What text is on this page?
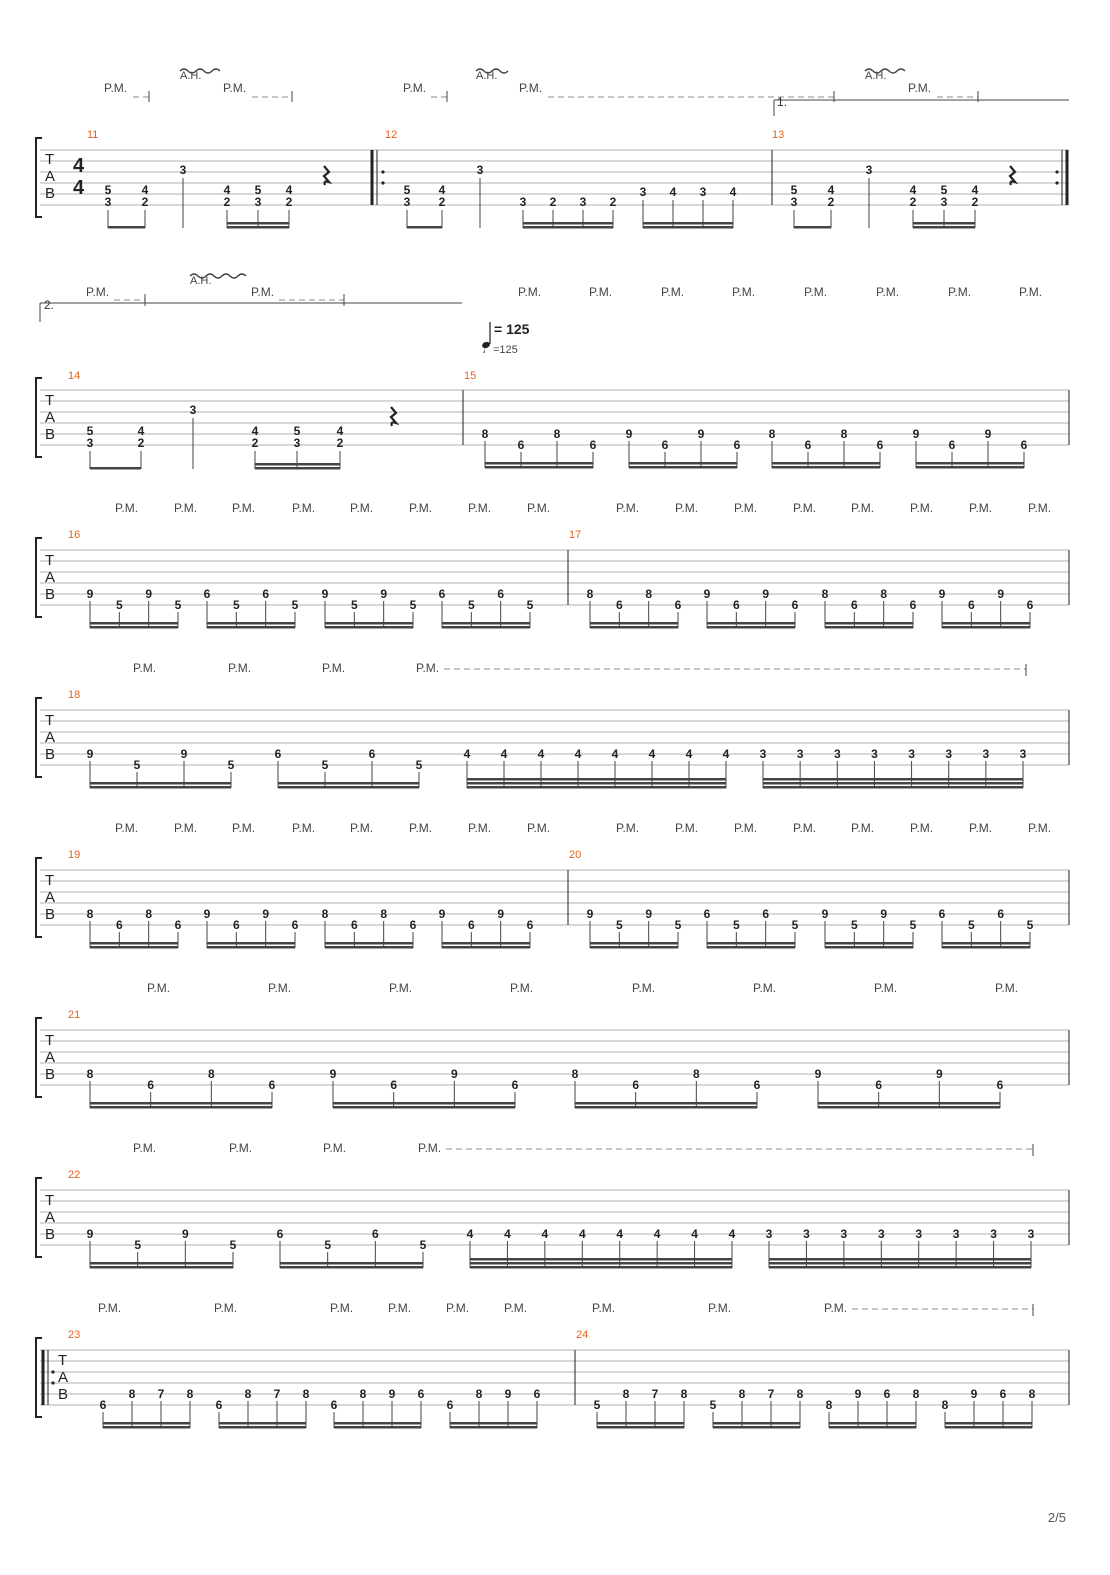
P.M.	P.M.	P.M.	P.M.	P.M.
A.H.	A.H.	A.H.
1.
T
A
B
4
4
11	12	13
5
3
4
2
3
4
2
5
3
4
2
5
3
4
2
3
3 2 3 2
3 4 3 4	5
3
4
2
3
4
2
5
3
4
2
2.
P.M.	P.M.	P.M.	P.M.	P.M.	P.M.	P.M.	P.M.	P.M.	P.M.
A.H.
= 125
♩=125
T
A
B
14	15
5
3
4
2
3
4
2
5
3
4
2
8
6
8
6
9
6
9
6
8
6
8
6
9
6
9
6
P.M.	P.M.	P.M.	P.M.	P.M.	P.M.	P.M.	P.M.	P.M.	P.M.	P.M.	P.M.	P.M.	P.M.	P.M.	P.M.
T
A
B
16	17
9
5
9
5
6
5
6
5
9
5
9
5
6
5
6
5
8
6
8
6
9
6
9
6
8
6
8
6
9
6
9
6
P.M.	P.M.	P.M.	P.M.
T
A
B
18
9
5
9
5
6
5
6
5
4	4	4	4	4	4	4	4	3	3	3	3	3	3	3	3
P.M.	P.M.	P.M.	P.M.	P.M.	P.M.	P.M.	P.M.	P.M.	P.M.	P.M.	P.M.	P.M.	P.M.	P.M.	P.M.
T
A
B
19	20
8
6
8
6
9
6
9
6
8
6
8
6
9
6
9
6
9
5
9
5
6
5
6
5
9
5
9
5
6
5
6
5
P.M.	P.M.	P.M.	P.M.	P.M.	P.M.	P.M.	P.M.
T
A
B
21
8
6
8
6
9
6
9
6
8
6
8
6
9
6
9
6
P.M.	P.M.	P.M.	P.M.
T
A
B
22
9
5
9
5
6
5
6
5
4	4	4	4	4	4	4	4	3	3	3	3	3	3	3	3
P.M.	P.M.	P.M.	P.M.	P.M.	P.M.	P.M.	P.M.	P.M.
T
A
B
23	24
6
8 7 8
6
8 7 8
6
8 9 6
6
8 9 6
5
8 7 8
5
8 7 8
8
9 6 8
8
9 6 8
2/5
